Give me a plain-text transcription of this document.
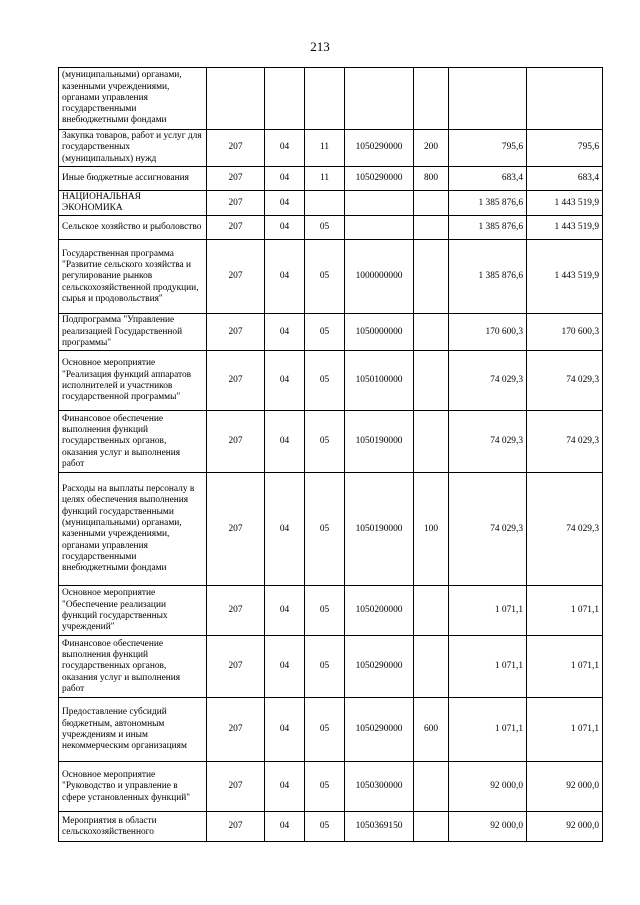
213
(муниципальными) органами, казенными учреждениями, органами управления государственными внебюджетными фондами							
Закупка товаров, работ и услуг для государственных (муниципальных) нужд	207	04	11	1050290000	200	795,6	795,6
Иные бюджетные ассигнования	207	04	11	1050290000	800	683,4	683,4
НАЦИОНАЛЬНАЯ ЭКОНОМИКА	207	04				1 385 876,6	1 443 519,9
Сельское хозяйство и рыболовство	207	04	05			1 385 876,6	1 443 519,9
Государственная программа "Развитие сельского хозяйства и регулирование рынков сельскохозяйственной продукции, сырья и продовольствия"	207	04	05	1000000000		1 385 876,6	1 443 519,9
Подпрограмма "Управление реализацией Государственной программы"	207	04	05	1050000000		170 600,3	170 600,3
Основное мероприятие "Реализация функций аппаратов исполнителей и участников государственной программы"	207	04	05	1050100000		74 029,3	74 029,3
Финансовое обеспечение выполнения функций государственных органов, оказания услуг и выполнения работ	207	04	05	1050190000		74 029,3	74 029,3
Расходы на выплаты персоналу в целях обеспечения выполнения функций государственными (муниципальными) органами, казенными учреждениями, органами управления государственными внебюджетными фондами	207	04	05	1050190000	100	74 029,3	74 029,3
Основное мероприятие "Обеспечение реализации функций государственных учреждений"	207	04	05	1050200000		1 071,1	1 071,1
Финансовое обеспечение выполнения функций государственных органов, оказания услуг и выполнения работ	207	04	05	1050290000		1 071,1	1 071,1
Предоставление субсидий бюджетным, автономным учреждениям и иным некоммерческим организациям	207	04	05	1050290000	600	1 071,1	1 071,1
Основное мероприятие "Руководство и управление в сфере установленных функций"	207	04	05	1050300000		92 000,0	92 000,0
Мероприятия в области сельскохозяйственного	207	04	05	1050369150		92 000,0	92 000,0
